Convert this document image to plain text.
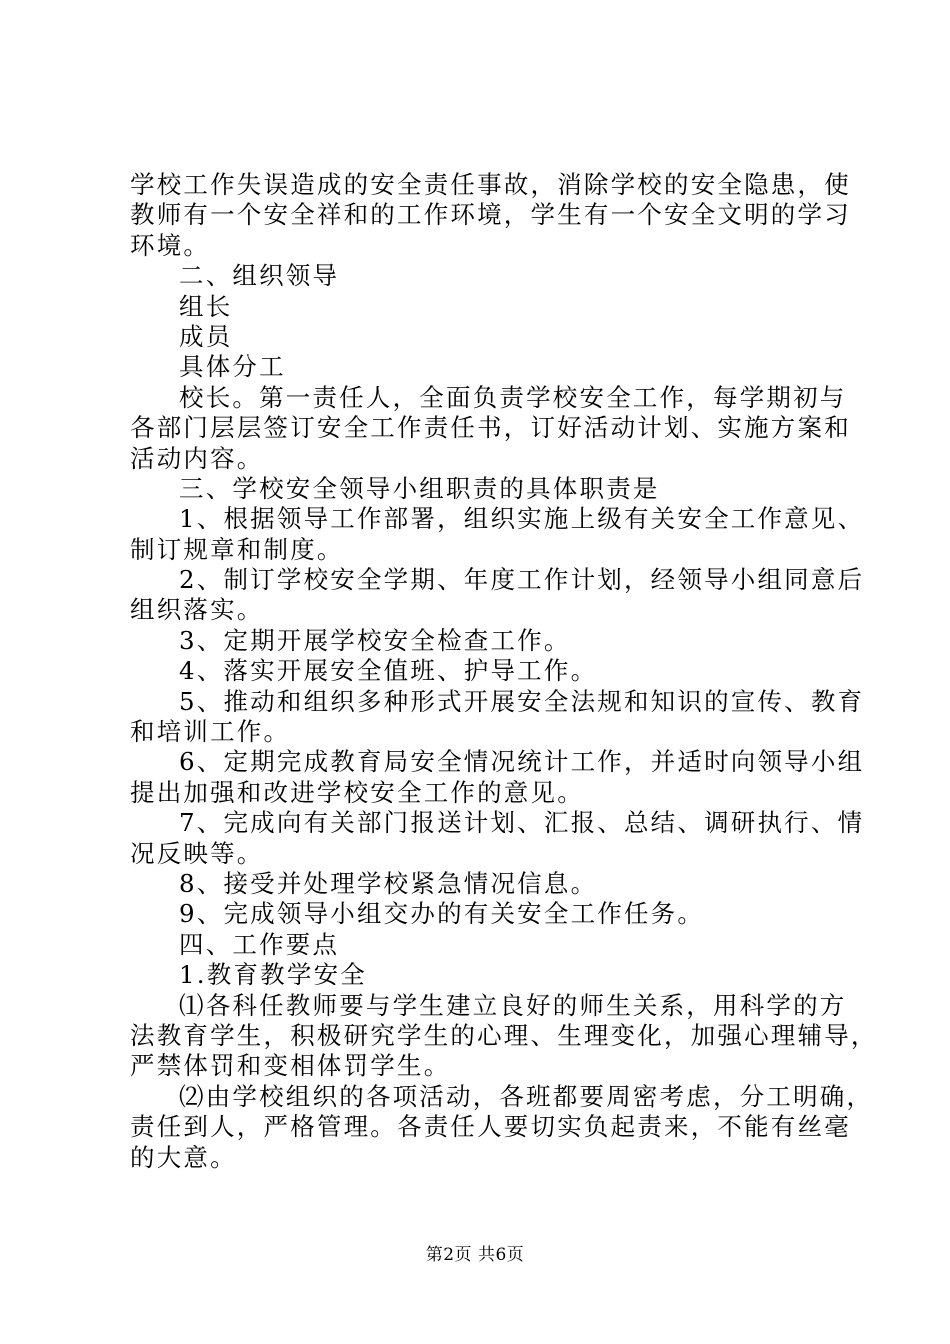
学校工作失误造成的安全责任事故，消除学校的安全隐患，使
教师有一个安全祥和的工作环境，学生有一个安全文明的学习
环境。
二、组织领导
组长
成员
具体分工
校长。第一责任人，全面负责学校安全工作，每学期初与
各部门层层签订安全工作责任书，订好活动计划、实施方案和
活动内容。
三、学校安全领导小组职责的具体职责是
1、根据领导工作部署，组织实施上级有关安全工作意见、
制订规章和制度。
2、制订学校安全学期、年度工作计划，经领导小组同意后
组织落实。
3、定期开展学校安全检查工作。
4、落实开展安全值班、护导工作。
5、推动和组织多种形式开展安全法规和知识的宣传、教育
和培训工作。
6、定期完成教育局安全情况统计工作，并适时向领导小组
提出加强和改进学校安全工作的意见。
7、完成向有关部门报送计划、汇报、总结、调研执行、情
况反映等。
8、接受并处理学校紧急情况信息。
9、完成领导小组交办的有关安全工作任务。
四、工作要点
1.教育教学安全
⑴各科任教师要与学生建立良好的师生关系，用科学的方
法教育学生，积极研究学生的心理、生理变化，加强心理辅导，
严禁体罚和变相体罚学生。
⑵由学校组织的各项活动，各班都要周密考虑，分工明确，
责任到人，严格管理。各责任人要切实负起责来，不能有丝毫
的大意。
第2页 共6页
